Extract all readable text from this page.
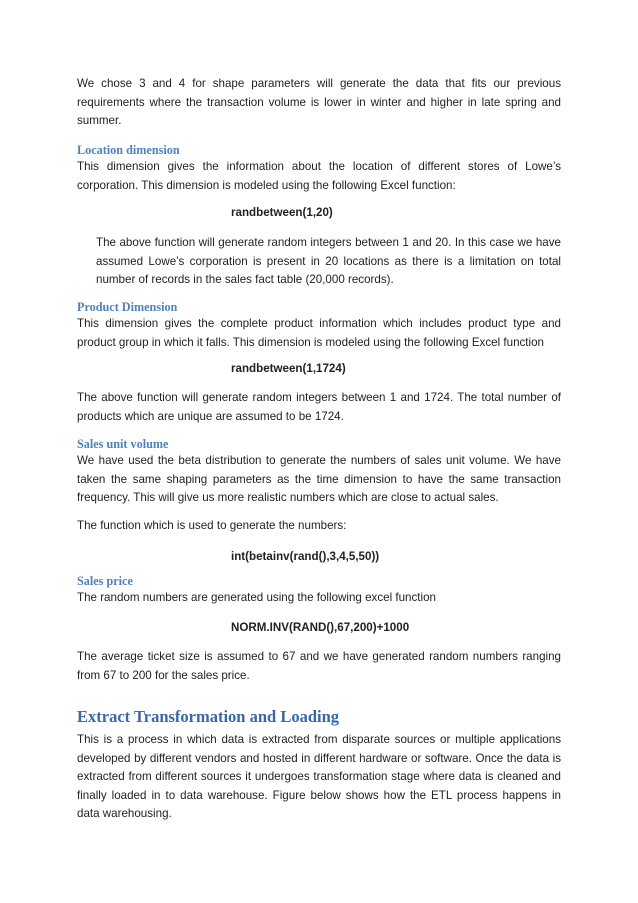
We chose 3 and 4 for shape parameters will generate the data that fits our previous requirements where the transaction volume is lower in winter and higher in late spring and summer.

Location dimension

This dimension gives the information about the location of different stores of Lowe’s corporation. This dimension is modeled using the following Excel function:

randbetween(1,20)

The above function will generate random integers between 1 and 20. In this case we have assumed Lowe’s corporation is present in 20 locations as there is a limitation on total number of records in the sales fact table (20,000 records).

Product Dimension

This dimension gives the complete product information which includes product type and product group in which it falls. This dimension is modeled using the following Excel function

randbetween(1,1724)

The above function will generate random integers between 1 and 1724. The total number of products which are unique are assumed to be 1724.

Sales unit volume

We have used the beta distribution to generate the numbers of sales unit volume. We have taken the same shaping parameters as the time dimension to have the same transaction frequency. This will give us more realistic numbers which are close to actual sales.

The function which is used to generate the numbers:

int(betainv(rand(),3,4,5,50))
Sales price

The random numbers are generated using the following excel function

NORM.INV(RAND(),67,200)+1000

The average ticket size is assumed to 67 and we have generated random numbers ranging from 67 to 200 for the sales price.

Extract Transformation and Loading

This is a process in which data is extracted from disparate sources or multiple applications developed by different vendors and hosted in different hardware or software. Once the data is extracted from different sources it undergoes transformation stage where data is cleaned and finally loaded in to data warehouse. Figure below shows how the ETL process happens in data warehousing.
